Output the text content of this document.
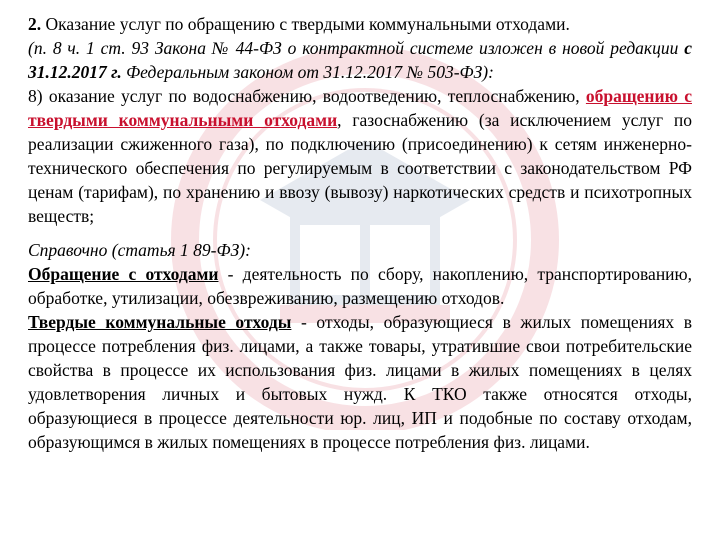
2. Оказание услуг по обращению с твердыми коммунальными отходами.
(п. 8 ч. 1 ст. 93 Закона № 44-ФЗ о контрактной системе изложен в новой редакции с 31.12.2017 г. Федеральным законом от 31.12.2017 № 503-ФЗ):
8) оказание услуг по водоснабжению, водоотведению, теплоснабжению, обращению с твердыми коммунальными отходами, газоснабжению (за исключением услуг по реализации сжиженного газа), по подключению (присоединению) к сетям инженерно-технического обеспечения по регулируемым в соответствии с законодательством РФ ценам (тарифам), по хранению и ввозу (вывозу) наркотических средств и психотропных веществ;
Справочно (статья 1 89-ФЗ):
Обращение с отходами - деятельность по сбору, накоплению, транспортированию, обработке, утилизации, обезвреживанию, размещению отходов.
Твердые коммунальные отходы - отходы, образующиеся в жилых помещениях в процессе потребления физ. лицами, а также товары, утратившие свои потребительские свойства в процессе их использования физ. лицами в жилых помещениях в целях удовлетворения личных и бытовых нужд. К ТКО также относятся отходы, образующиеся в процессе деятельности юр. лиц, ИП и подобные по составу отходам, образующимся в жилых помещениях в процессе потребления физ. лицами.
